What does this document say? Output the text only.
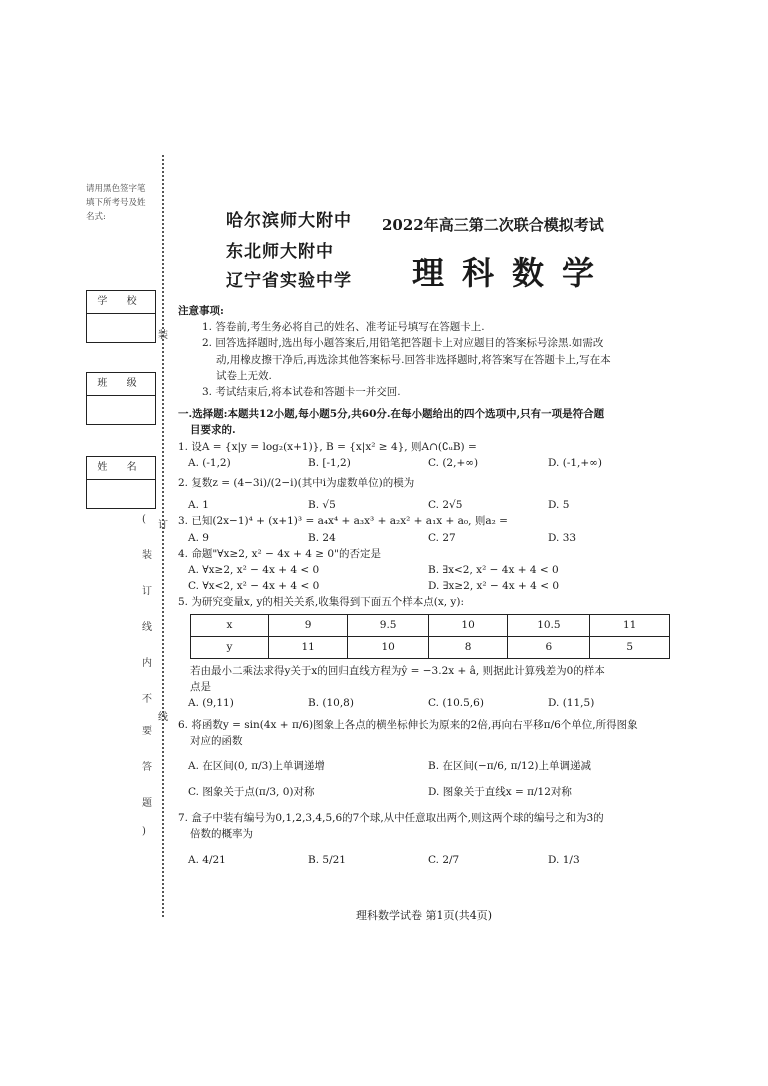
请用黑色签字笔填下所考号及姓名式:
学 校
班 级
姓 名
装
订
线
(
装
订
线
内
不
要
答
题
)
哈尔滨师大附中
东北师大附中
辽宁省实验中学
2022年高三第二次联合模拟考试
理科数学

注意事项:

1. 答卷前,考生务必将自己的姓名、准考证号填写在答题卡上.

2. 回答选择题时,选出每小题答案后,用铅笔把答题卡上对应题目的答案标号涂黑.如需改

动,用橡皮擦干净后,再选涂其他答案标号.回答非选择题时,将答案写在答题卡上,写在本

试卷上无效.

3. 考试结束后,将本试卷和答题卡一并交回.

一.选择题:本题共12小题,每小题5分,共60分.在每小题给出的四个选项中,只有一项是符合题

目要求的.

1. 设A = {x|y = log₂(x+1)}, B = {x|x² ≥ 4}, 则A∩(∁ᵤB) =

A. (-1,2)	B. [-1,2)	C. (2,+∞)	D. (-1,+∞)

2. 复数z = (4−3i)/(2−i)(其中i为虚数单位)的模为

A. 1	B. √5	C. 2√5	D. 5

3. 已知(2x−1)⁴ + (x+1)³ = a₄x⁴ + a₃x³ + a₂x² + a₁x + a₀, 则a₂ =

A. 9	B. 24	C. 27	D. 33

4. 命题"∀x≥2, x² − 4x + 4 ≥ 0"的否定是

A. ∀x≥2, x² − 4x + 4 < 0	B. ∃x<2, x² − 4x + 4 < 0
C. ∀x<2, x² − 4x + 4 < 0	D. ∃x≥2, x² − 4x + 4 < 0

5. 为研究变量x, y的相关关系,收集得到下面五个样本点(x, y):

x	9	9.5	10	10.5	11
y	11	10	8	6	5

若由最小二乘法求得y关于x的回归直线方程为ŷ = −3.2x + â, 则据此计算残差为0的样本

点是

A. (9,11)	B. (10,8)	C. (10.5,6)	D. (11,5)

6. 将函数y = sin(4x + π/6)图象上各点的横坐标伸长为原来的2倍,再向右平移π/6个单位,所得图象

对应的函数

A. 在区间(0, π/3)上单调递增	B. 在区间(−π/6, π/12)上单调递减
C. 图象关于点(π/3, 0)对称	D. 图象关于直线x = π/12对称

7. 盒子中装有编号为0,1,2,3,4,5,6的7个球,从中任意取出两个,则这两个球的编号之和为3的

倍数的概率为

A. 4/21	B. 5/21	C. 2/7	D. 1/3
理科数学试卷 第1页(共4页)
